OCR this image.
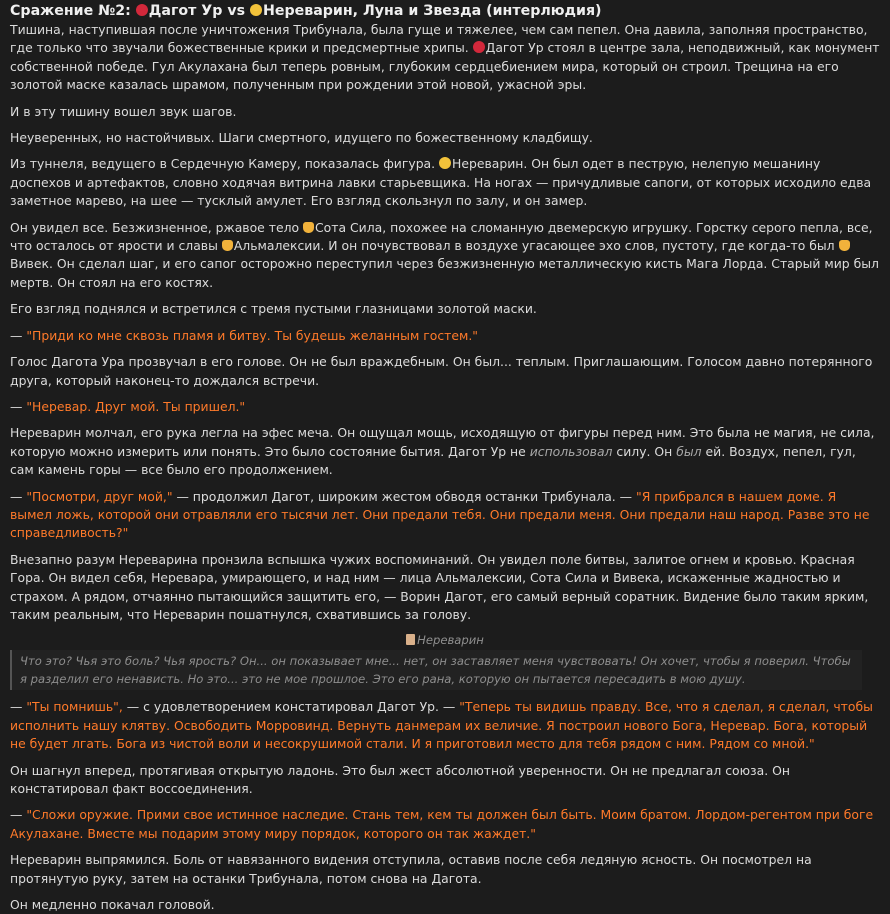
Сражение №2: Дагот Ур vs Нереварин, Луна и Звезда (интерлюдия)

Тишина, наступившая после уничтожения Трибунала, была гуще и тяжелее, чем сам пепел. Она давила, заполняя пространство, где только что звучали божественные крики и предсмертные хрипы. Дагот Ур стоял в центре зала, неподвижный, как монумент собственной победе. Гул Акулахана был теперь ровным, глубоким сердцебиением мира, который он строил. Трещина на его золотой маске казалась шрамом, полученным при рождении этой новой, ужасной эры.

И в эту тишину вошел звук шагов.

Неуверенных, но настойчивых. Шаги смертного, идущего по божественному кладбищу.

Из туннеля, ведущего в Сердечную Камеру, показалась фигура. Нереварин. Он был одет в пеструю, нелепую мешанину доспехов и артефактов, словно ходячая витрина лавки старьевщика. На ногах — причудливые сапоги, от которых исходило едва заметное марево, на шее — тусклый амулет. Его взгляд скользнул по залу, и он замер.

Он увидел все. Безжизненное, ржавое тело Сота Сила, похожее на сломанную двемерскую игрушку. Горстку серого пепла, все, что осталось от ярости и славы Альмалексии. И он почувствовал в воздухе угасающее эхо слов, пустоту, где когда-то был Вивек. Он сделал шаг, и его сапог осторожно переступил через безжизненную металлическую кисть Мага Лорда. Старый мир был мертв. Он стоял на его костях.

Его взгляд поднялся и встретился с тремя пустыми глазницами золотой маски.

— "Приди ко мне сквозь пламя и битву. Ты будешь желанным гостем."

Голос Дагота Ура прозвучал в его голове. Он не был враждебным. Он был... теплым. Приглашающим. Голосом давно потерянного друга, который наконец-то дождался встречи.

— "Неревар. Друг мой. Ты пришел."

Нереварин молчал, его рука легла на эфес меча. Он ощущал мощь, исходящую от фигуры перед ним. Это была не магия, не сила, которую можно измерить или понять. Это было состояние бытия. Дагот Ур не использовал силу. Он был ей. Воздух, пепел, гул, сам камень горы — все было его продолжением.

— "Посмотри, друг мой," — продолжил Дагот, широким жестом обводя останки Трибунала. — "Я прибрался в нашем доме. Я вымел ложь, которой они отравляли его тысячи лет. Они предали тебя. Они предали меня. Они предали наш народ. Разве это не справедливость?"

Внезапно разум Нереварина пронзила вспышка чужих воспоминаний. Он увидел поле битвы, залитое огнем и кровью. Красная Гора. Он видел себя, Неревара, умирающего, и над ним — лица Альмалексии, Сота Сила и Вивека, искаженные жадностью и страхом. А рядом, отчаянно пытающийся защитить его, — Ворин Дагот, его самый верный соратник. Видение было таким ярким, таким реальным, что Нереварин пошатнулся, схватившись за голову.

Нереварин
Что это? Чья это боль? Чья ярость? Он... он показывает мне... нет, он заставляет меня чувствовать! Он хочет, чтобы я поверил. Чтобы я разделил его ненависть. Но это... это не мое прошлое. Это его рана, которую он пытается пересадить в мою душу.

— "Ты помнишь", — с удовлетворением констатировал Дагот Ур. — "Теперь ты видишь правду. Все, что я сделал, я сделал, чтобы исполнить нашу клятву. Освободить Морровинд. Вернуть данмерам их величие. Я построил нового Бога, Неревар. Бога, который не будет лгать. Бога из чистой воли и несокрушимой стали. И я приготовил место для тебя рядом с ним. Рядом со мной."

Он шагнул вперед, протягивая открытую ладонь. Это был жест абсолютной уверенности. Он не предлагал союза. Он констатировал факт воссоединения.

— "Сложи оружие. Прими свое истинное наследие. Стань тем, кем ты должен был быть. Моим братом. Лордом-регентом при боге Акулахане. Вместе мы подарим этому миру порядок, которого он так жаждет."

Нереварин выпрямился. Боль от навязанного видения отступила, оставив после себя ледяную ясность. Он посмотрел на протянутую руку, затем на останки Трибунала, потом снова на Дагота.

Он медленно покачал головой.
